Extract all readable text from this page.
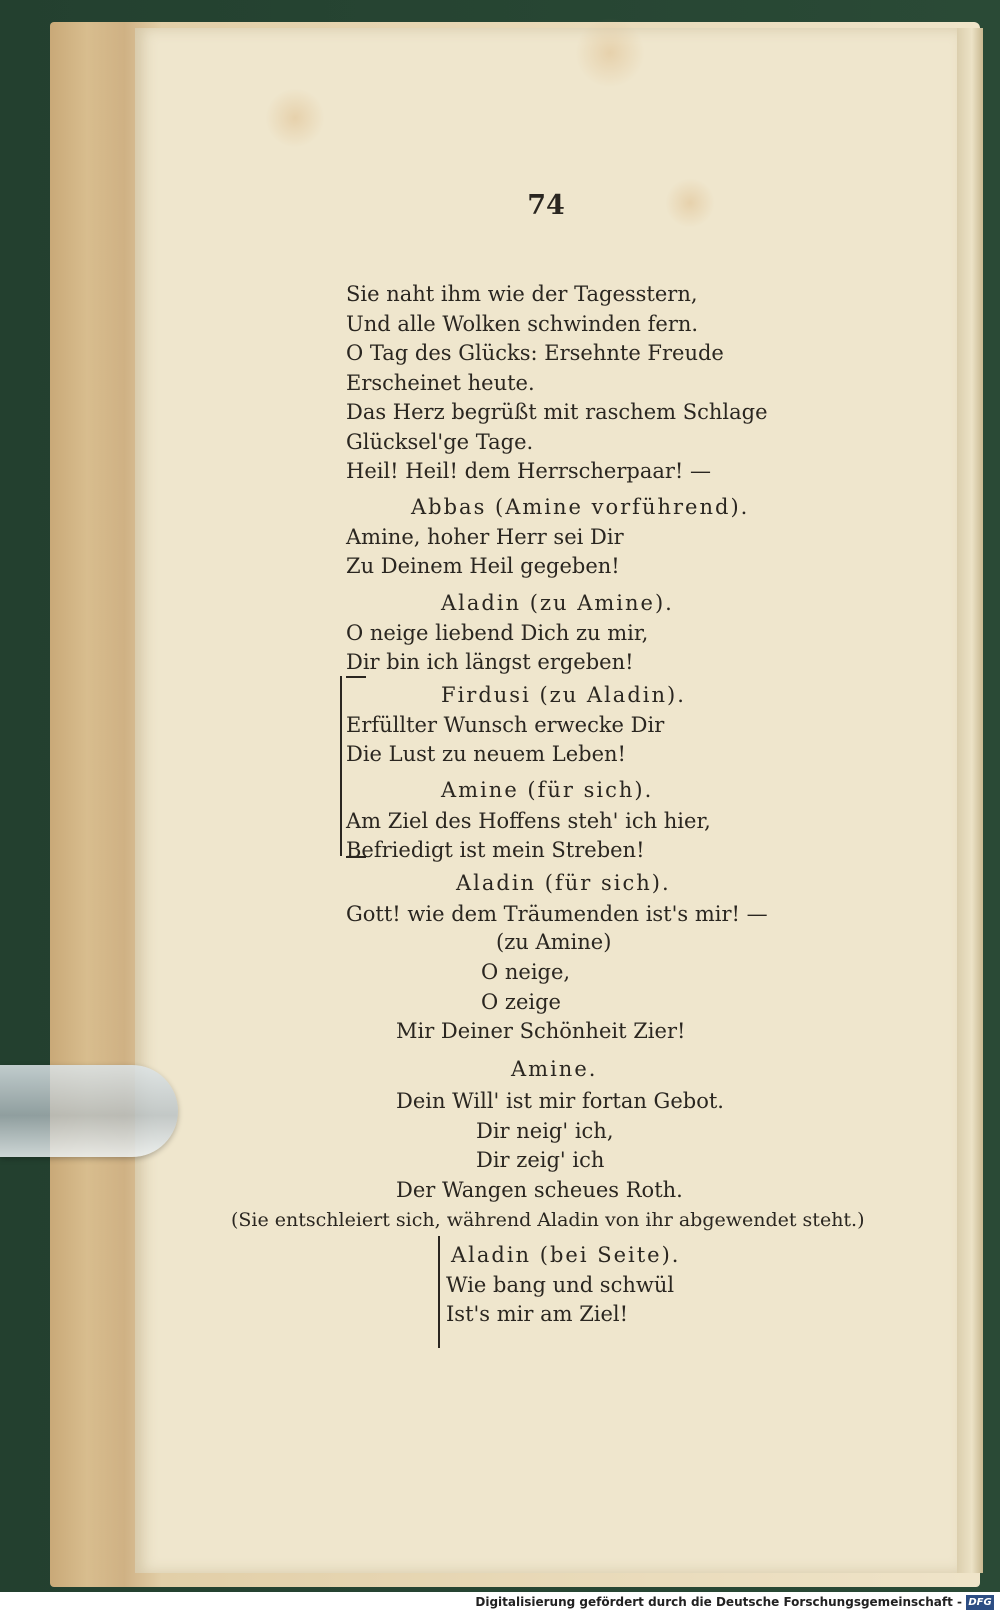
74
Sie naht ihm wie der Tagesstern,
Und alle Wolken schwinden fern.
O Tag des Glücks: Ersehnte Freude
Erscheinet heute.
Das Herz begrüßt mit raschem Schlage
Glücksel'ge Tage.
Heil! Heil! dem Herrscherpaar! —
Abbas (Amine vorführend).
Amine, hoher Herr sei Dir
Zu Deinem Heil gegeben!
Aladin (zu Amine).
O neige liebend Dich zu mir,
Dir bin ich längst ergeben!
Firdusi (zu Aladin).
Erfüllter Wunsch erwecke Dir
Die Lust zu neuem Leben!
Amine (für sich).
Am Ziel des Hoffens steh' ich hier,
Befriedigt ist mein Streben!
Aladin (für sich).
Gott! wie dem Träumenden ist's mir! —
(zu Amine)
O neige,
O zeige
Mir Deiner Schönheit Zier!
Amine.
Dein Will' ist mir fortan Gebot.
Dir neig' ich,
Dir zeig' ich
Der Wangen scheues Roth.
(Sie entschleiert sich, während Aladin von ihr abgewendet steht.)
Aladin (bei Seite).
Wie bang und schwül
Ist's mir am Ziel!
Digitalisierung gefördert durch die Deutsche Forschungsgemeinschaft - DFG
